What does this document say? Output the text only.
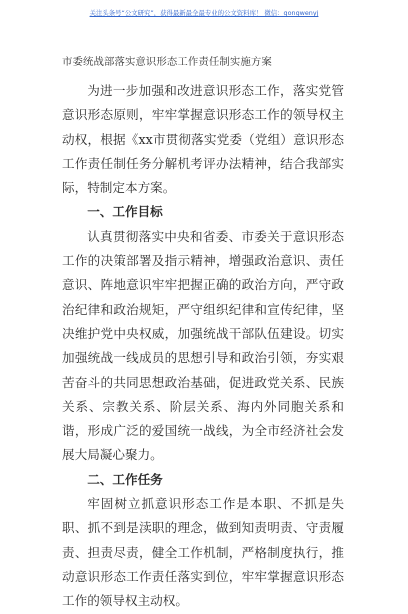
关注头条号“公文研究”，获得最新最全最专业的公文资料库！ 微信：gongwenyj
市委统战部落实意识形态工作责任制实施方案

为进一步加强和改进意识形态工作，落实党管意识形态原则，牢牢掌握意识形态工作的领导权主动权，根据《xx市贯彻落实党委（党组）意识形态工作责任制任务分解机考评办法精神，结合我部实际，特制定本方案。

一、工作目标

认真贯彻落实中央和省委、市委关于意识形态工作的决策部署及指示精神，增强政治意识、责任意识、阵地意识牢牢把握正确的政治方向，严守政治纪律和政治规矩，严守组织纪律和宣传纪律，坚决维护党中央权威，加强统战干部队伍建设。切实加强统战一线成员的思想引导和政治引领，夯实艰苦奋斗的共同思想政治基础，促进政党关系、民族关系、宗教关系、阶层关系、海内外同胞关系和谐，形成广泛的爱国统一战线，为全市经济社会发展大局凝心聚力。

二、工作任务

牢固树立抓意识形态工作是本职、不抓是失职、抓不到是渎职的理念，做到知责明责、守责履责、担责尽责，健全工作机制，严格制度执行，推动意识形态工作责任落实到位，牢牢掌握意识形态工作的领导权主动权。
